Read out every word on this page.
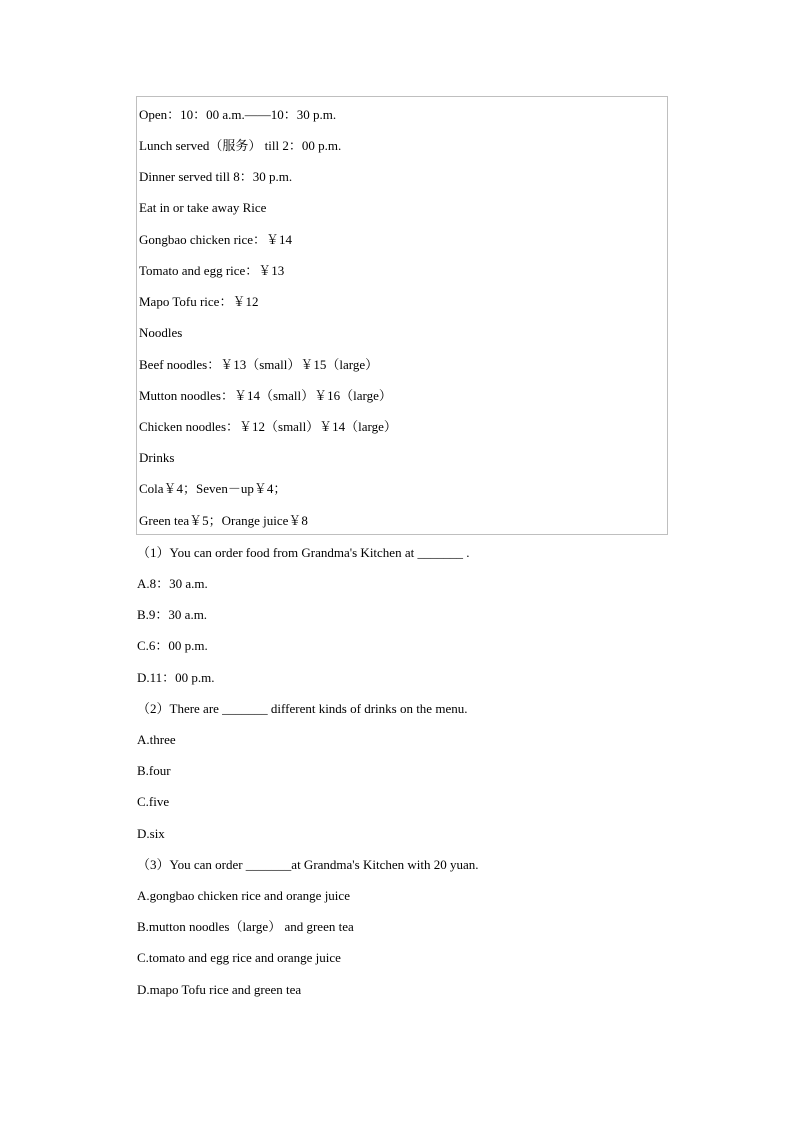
Open：10：00 a.m.——10：30 p.m.
Lunch served（服务） till 2：00 p.m.
Dinner served till 8：30 p.m.
Eat in or take away Rice
Gongbao chicken rice：￥14
Tomato and egg rice：￥13
Mapo Tofu rice：￥12
Noodles
Beef noodles：￥13（small）￥15（large）
Mutton noodles：￥14（small）￥16（large）
Chicken noodles：￥12（small）￥14（large）
Drinks
Cola￥4；Seven－up￥4；
Green tea￥5；Orange juice￥8
（1）You can order food from Grandma's Kitchen at _______ .
A.8：30 a.m.
B.9：30 a.m.
C.6：00 p.m.
D.11：00 p.m.
（2）There are _______ different kinds of drinks on the menu.
A.three
B.four
C.five
D.six
（3）You can order _______at Grandma's Kitchen with 20 yuan.
A.gongbao chicken rice and orange juice
B.mutton noodles（large） and green tea
C.tomato and egg rice and orange juice
D.mapo Tofu rice and green tea
